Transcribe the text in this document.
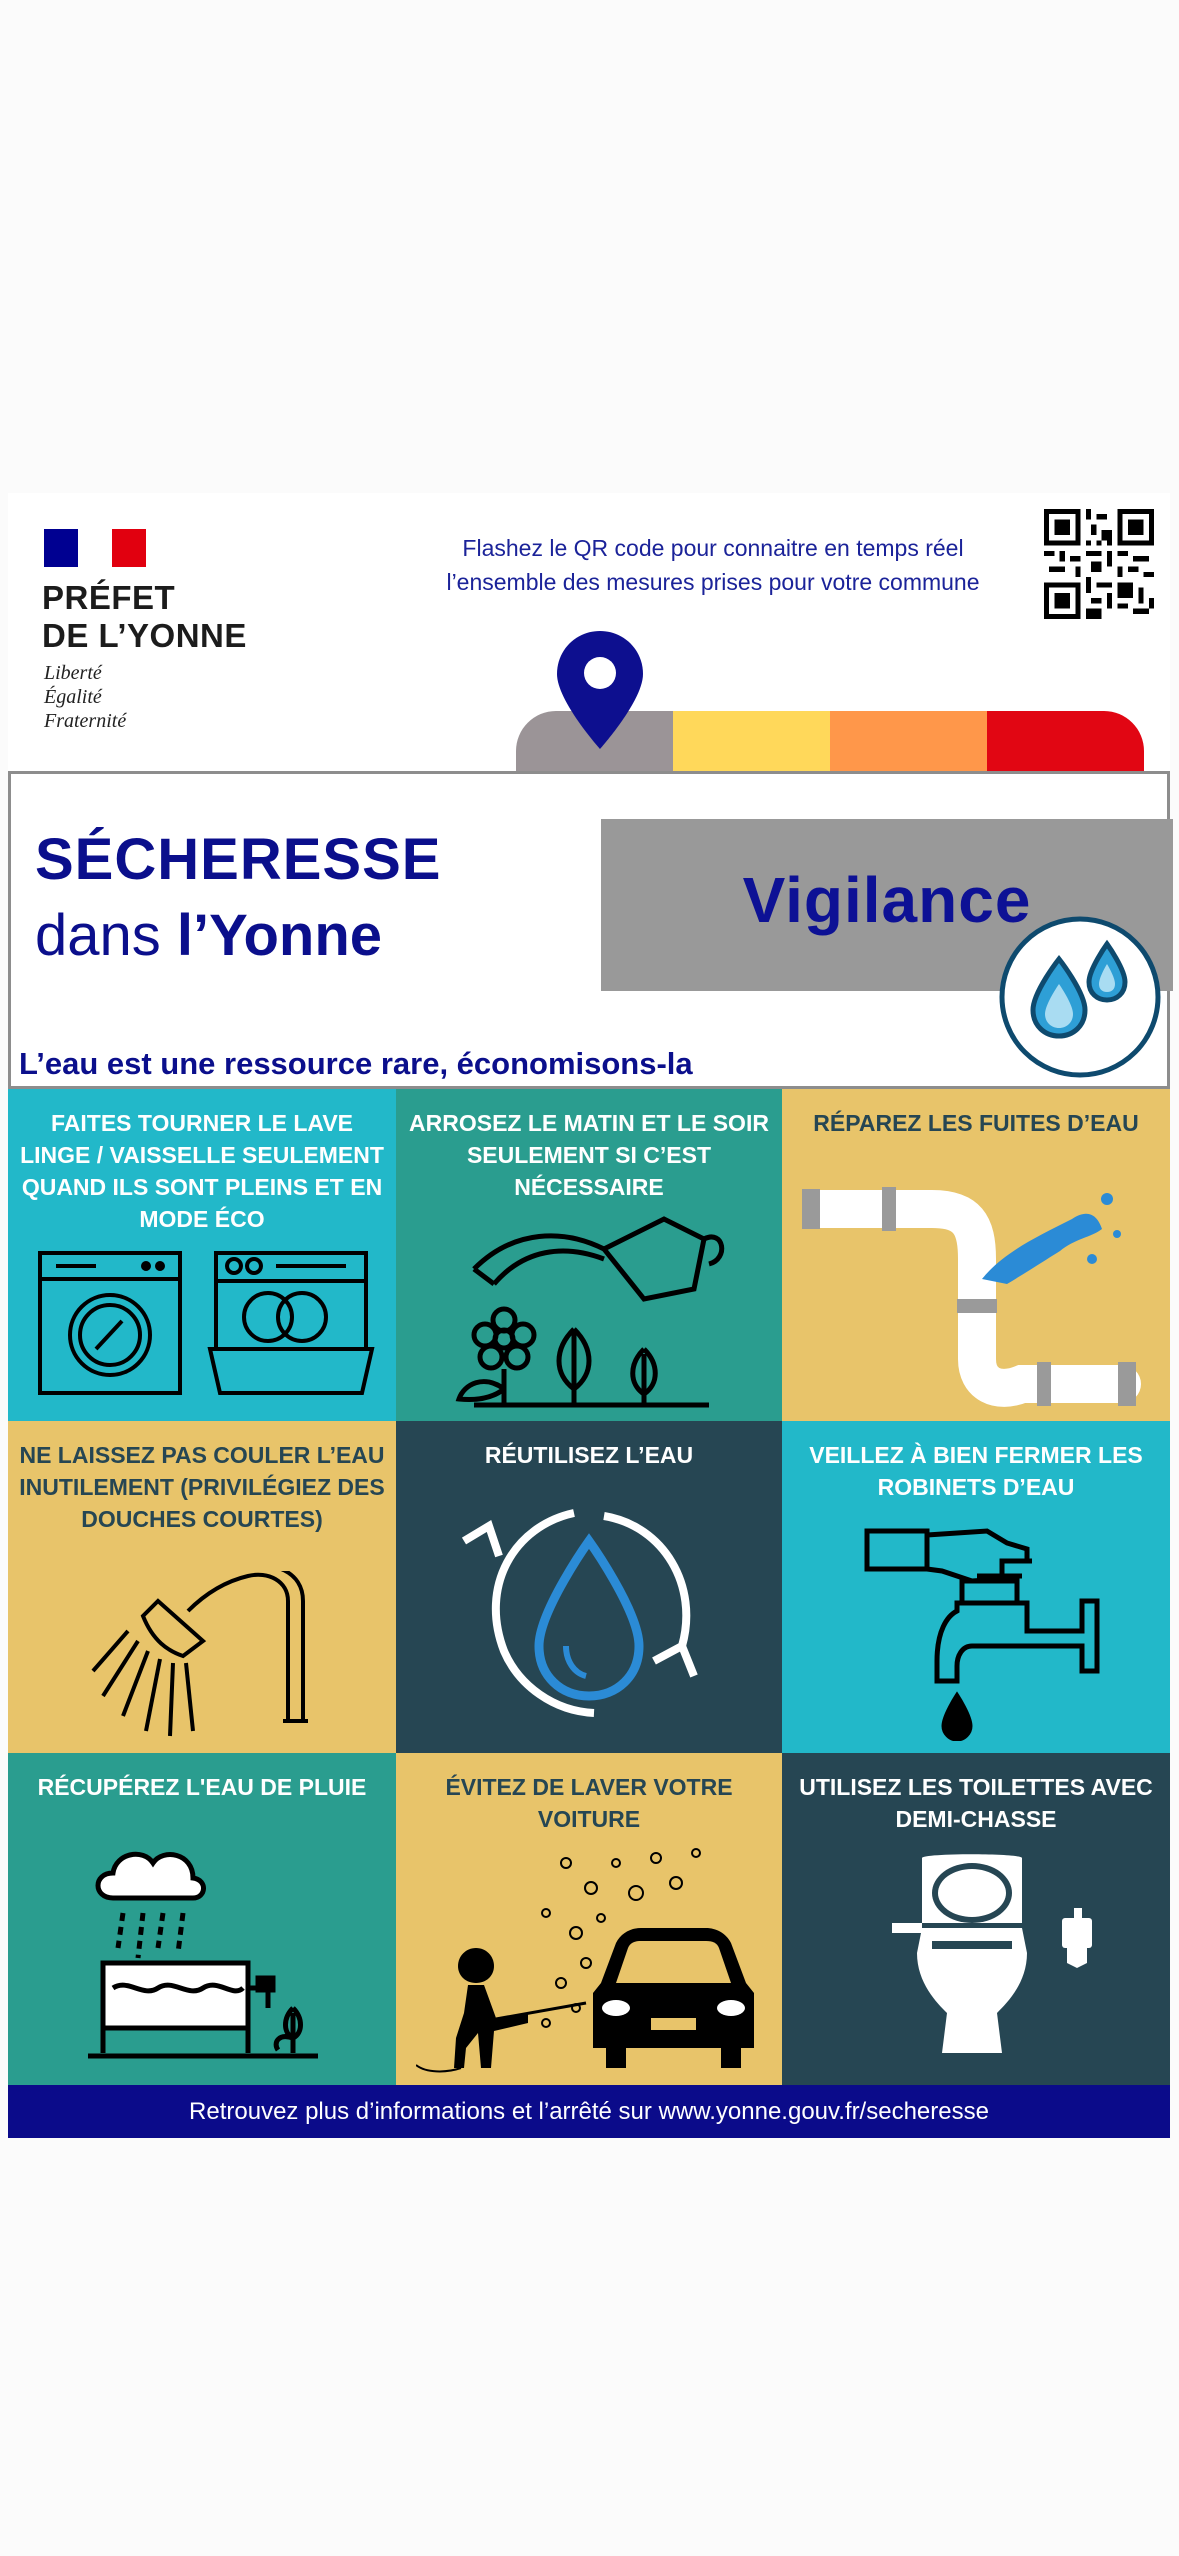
PRÉFET
DE L’YONNE
Liberté
Égalité
Fraternité
Flashez le QR code pour connaitre en temps réel
l’ensemble des mesures prises pour votre commune
SÉCHERESSE
dans l’Yonne	Vigilance
L’eau est une ressource rare, économisons-la
FAITES TOURNER LE LAVE LINGE / VAISSELLE SEULEMENT QUAND ILS SONT PLEINS ET EN MODE ÉCO
ARROSEZ LE MATIN ET LE SOIR SEULEMENT SI C’EST NÉCESSAIRE
RÉPAREZ LES FUITES D’EAU
NE LAISSEZ PAS COULER L’EAU INUTILEMENT (PRIVILÉGIEZ DES DOUCHES COURTES)
RÉUTILISEZ L’EAU	VEILLEZ À BIEN FERMER LES ROBINETS D’EAU
RÉCUPÉREZ L'EAU DE PLUIE	ÉVITEZ DE LAVER VOTRE VOITURE
UTILISEZ LES TOILETTES AVEC DEMI-CHASSE
Retrouvez plus d’informations et l’arrêté sur www.yonne.gouv.fr/secheresse
